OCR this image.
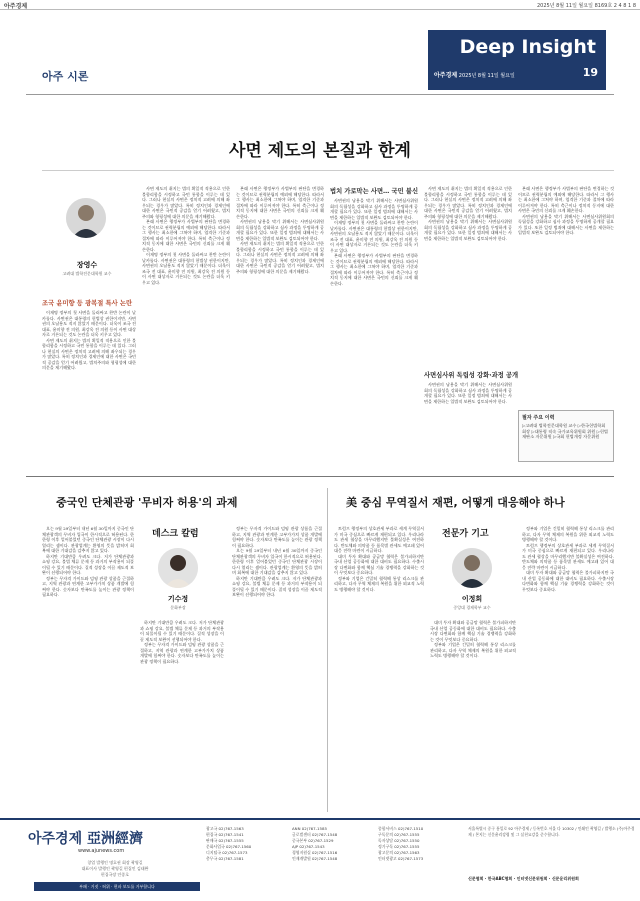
아주경제	2025년 8월 11일 월요일 8169호 2 4 8 1 8
아주 시론
Deep Insight
아주경제 2025년 8월 11일 월요일	19
사면 제도의 본질과 한계
장영수
고려대 법학전문대학원 교수
조국 윤미향 등 광복절 특사 논란

이재명 정부의 첫 사면을 둘러싸고 찬반 논란이 날카롭다. 사면권은 대통령의 헌법상 권한이지만, 사면권의 오남용도 적지 않았기 때문이다. 더욱이 조국 전 대표, 윤미향 전 의원, 최강욱 전 의원 등이 사면 대상자로 거론되는 것도 논란을 더욱 키우고 있다.

사면 제도의 취지는 법의 획일적 적용으로 인한 불합리함을 시정하고 국민 통합을 이루는 데 있다. 그러나 현실의 사면은 정치적 고려에 의해 좌우되는 경우가 많았다. 특히 정치인과 경제인에 대한 사면은 국민적 공감을 얻기 어려웠고, 법치주의와 형평성에 대한 의문을 제기해왔다.

사면 제도의 취지는 법의 획일적 적용으로 인한 불합리함을 시정하고 국민 통합을 이루는 데 있다. 그러나 현실의 사면은 정치적 고려에 의해 좌우되는 경우가 많았다. 특히 정치인과 경제인에 대한 사면은 국민적 공감을 얻기 어려웠고, 법치주의와 형평성에 대한 의문을 제기해왔다.

본래 사면은 행정부가 사법부의 판단을 변경하는 것이므로 권력분립의 예외에 해당한다. 따라서 그 행사는 최소한에 그쳐야 하며, 엄격한 기준과 절차에 따라 이루어져야 한다. 특히 측근이나 정치적 동지에 대한 사면은 국민의 신뢰를 크게 훼손한다.

이재명 정부의 첫 사면을 둘러싸고 찬반 논란이 날카롭다. 사면권은 대통령의 헌법상 권한이지만, 사면권의 오남용도 적지 않았기 때문이다. 더욱이 조국 전 대표, 윤미향 전 의원, 최강욱 전 의원 등이 사면 대상자로 거론되는 것도 논란을 더욱 키우고 있다.

본래 사면은 행정부가 사법부의 판단을 변경하는 것이므로 권력분립의 예외에 해당한다. 따라서 그 행사는 최소한에 그쳐야 하며, 엄격한 기준과 절차에 따라 이루어져야 한다. 특히 측근이나 정치적 동지에 대한 사면은 국민의 신뢰를 크게 훼손한다.

사면권의 남용을 막기 위해서는 사면심사위원회의 독립성을 강화하고 심사 과정을 투명하게 공개할 필요가 있다. 또한 일정 범죄에 대해서는 사면을 제한하는 입법적 보완도 검토되어야 한다.

사면 제도의 취지는 법의 획일적 적용으로 인한 불합리함을 시정하고 국민 통합을 이루는 데 있다. 그러나 현실의 사면은 정치적 고려에 의해 좌우되는 경우가 많았다. 특히 정치인과 경제인에 대한 사면은 국민적 공감을 얻기 어려웠고, 법치주의와 형평성에 대한 의문을 제기해왔다.

법치 가로막는 사면… 국민 불신

사면권의 남용을 막기 위해서는 사면심사위원회의 독립성을 강화하고 심사 과정을 투명하게 공개할 필요가 있다. 또한 일정 범죄에 대해서는 사면을 제한하는 입법적 보완도 검토되어야 한다.

이재명 정부의 첫 사면을 둘러싸고 찬반 논란이 날카롭다. 사면권은 대통령의 헌법상 권한이지만, 사면권의 오남용도 적지 않았기 때문이다. 더욱이 조국 전 대표, 윤미향 전 의원, 최강욱 전 의원 등이 사면 대상자로 거론되는 것도 논란을 더욱 키우고 있다.

본래 사면은 행정부가 사법부의 판단을 변경하는 것이므로 권력분립의 예외에 해당한다. 따라서 그 행사는 최소한에 그쳐야 하며, 엄격한 기준과 절차에 따라 이루어져야 한다. 특히 측근이나 정치적 동지에 대한 사면은 국민의 신뢰를 크게 훼손한다.

사면 제도의 취지는 법의 획일적 적용으로 인한 불합리함을 시정하고 국민 통합을 이루는 데 있다. 그러나 현실의 사면은 정치적 고려에 의해 좌우되는 경우가 많았다. 특히 정치인과 경제인에 대한 사면은 국민적 공감을 얻기 어려웠고, 법치주의와 형평성에 대한 의문을 제기해왔다.

사면권의 남용을 막기 위해서는 사면심사위원회의 독립성을 강화하고 심사 과정을 투명하게 공개할 필요가 있다. 또한 일정 범죄에 대해서는 사면을 제한하는 입법적 보완도 검토되어야 한다.

사면심사위 독립성 강화·과정 공개

사면권의 남용을 막기 위해서는 사면심사위원회의 독립성을 강화하고 심사 과정을 투명하게 공개할 필요가 있다. 또한 일정 범죄에 대해서는 사면을 제한하는 입법적 보완도 검토되어야 한다.

본래 사면은 행정부가 사법부의 판단을 변경하는 것이므로 권력분립의 예외에 해당한다. 따라서 그 행사는 최소한에 그쳐야 하며, 엄격한 기준과 절차에 따라 이루어져야 한다. 특히 측근이나 정치적 동지에 대한 사면은 국민의 신뢰를 크게 훼손한다.

사면권의 남용을 막기 위해서는 사면심사위원회의 독립성을 강화하고 심사 과정을 투명하게 공개할 필요가 있다. 또한 일정 범죄에 대해서는 사면을 제한하는 입법적 보완도 검토되어야 한다.

필자 주요 이력
▷고려대 법학전문대학원 교수 ▷한국헌법학회 회장 ▷대통령 직속 국가교육위원회 위원 ▷헌법재판소 자문위원 ▷국회 헌법개정 자문위원
중국인 단체관광 '무비자 허용'의 과제

오는 9월 29일부터 내년 6월 30일까지 중국인 단체관광객의 무비자 입국이 한시적으로 허용된다. 한한령 이후 얼어붙었던 중국인 단체관광 시장이 다시 열리는 셈이다. 관광업계는 환영의 뜻을 밝히며 회복에 대한 기대감을 감추지 않고 있다.

하지만 기대만큼 우려도 크다. 저가 단체관광과 쇼핑 강요, 불법 체류 문제 등 과거의 부작용이 되풀이될 수 있기 때문이다. 질적 성장을 이끌 제도적 보완이 선행되어야 한다.

정부는 무자격 가이드와 덤핑 관광 상품을 근절하고, 지역 관광과 연계한 고부가가치 상품 개발에 힘써야 한다. 숫자보다 만족도를 높이는 관광 정책이 필요하다.

데스크 칼럼
기수정
문화부장

하지만 기대만큼 우려도 크다. 저가 단체관광과 쇼핑 강요, 불법 체류 문제 등 과거의 부작용이 되풀이될 수 있기 때문이다. 질적 성장을 이끌 제도적 보완이 선행되어야 한다.

정부는 무자격 가이드와 덤핑 관광 상품을 근절하고, 지역 관광과 연계한 고부가가치 상품 개발에 힘써야 한다. 숫자보다 만족도를 높이는 관광 정책이 필요하다.

정부는 무자격 가이드와 덤핑 관광 상품을 근절하고, 지역 관광과 연계한 고부가가치 상품 개발에 힘써야 한다. 숫자보다 만족도를 높이는 관광 정책이 필요하다.

오는 9월 29일부터 내년 6월 30일까지 중국인 단체관광객의 무비자 입국이 한시적으로 허용된다. 한한령 이후 얼어붙었던 중국인 단체관광 시장이 다시 열리는 셈이다. 관광업계는 환영의 뜻을 밝히며 회복에 대한 기대감을 감추지 않고 있다.

하지만 기대만큼 우려도 크다. 저가 단체관광과 쇼핑 강요, 불법 체류 문제 등 과거의 부작용이 되풀이될 수 있기 때문이다. 질적 성장을 이끌 제도적 보완이 선행되어야 한다.

美 중심 무역질서 재편, 어떻게 대응해야 하나

트럼프 행정부의 상호관세 부과로 세계 무역질서가 미국 중심으로 빠르게 재편되고 있다. 우리나라도 관세 협상을 마무리했지만 불확실성은 여전하다. 반도체와 의약품 등 품목별 관세도 예고돼 있어 대응 전략 마련이 시급하다.

대미 투자 확대와 공급망 협력은 불가피하지만 국내 산업 공동화에 대한 대비도 필요하다. 수출시장 다변화와 함께 핵심 기술 경쟁력을 강화하는 것이 무엇보다 중요하다.

정부와 기업은 긴밀히 협력해 통상 리스크를 관리하고, 다자 무역 체제의 복원을 위한 외교적 노력도 병행해야 할 것이다.

전문가 기고
이정희
중앙대 경제학부 교수

대미 투자 확대와 공급망 협력은 불가피하지만 국내 산업 공동화에 대한 대비도 필요하다. 수출시장 다변화와 함께 핵심 기술 경쟁력을 강화하는 것이 무엇보다 중요하다.

정부와 기업은 긴밀히 협력해 통상 리스크를 관리하고, 다자 무역 체제의 복원을 위한 외교적 노력도 병행해야 할 것이다.

정부와 기업은 긴밀히 협력해 통상 리스크를 관리하고, 다자 무역 체제의 복원을 위한 외교적 노력도 병행해야 할 것이다.

트럼프 행정부의 상호관세 부과로 세계 무역질서가 미국 중심으로 빠르게 재편되고 있다. 우리나라도 관세 협상을 마무리했지만 불확실성은 여전하다. 반도체와 의약품 등 품목별 관세도 예고돼 있어 대응 전략 마련이 시급하다.

대미 투자 확대와 공급망 협력은 불가피하지만 국내 산업 공동화에 대한 대비도 필요하다. 수출시장 다변화와 함께 핵심 기술 경쟁력을 강화하는 것이 무엇보다 중요하다.

아주경제 亞洲經濟
www.ajunews.com
창업 발행인 명호권 회장 곽영길
대표이사 발행인 곽영길 편집인 김태완
편집국장 안종호
부패 · 거짓 · 허위 · 편파 보도를 거부합니다
광고국 02)767-1563
편집국 02)767-1541
판매국 02)767-1555
문화사업국 02)767-1560
디지털국 02)767-1573
총무국 02)767-1581
ANN 02)767-1585
글로벌센터 02)767-1548
중국본부 02)767-1529
AJP 02)767-1543
경영지원실 02)767-1516
인재개발원 02)767-1548
종합서비스 02)767-1510
구독문의 02)767-1555
독자상담 02)767-1550
정기구독 02)767-1555
광고문의 02)767-1563
인터넷광고 02)767-1573
서울특별시 중구 통일로 92 아주경제 / 등록번호 서울 다 10302 / 인쇄인 곽영길 / 발행소 (주)아주경제 / 본지는 신문윤리강령 및 그 실천요강을 준수합니다.
신문협회 · 한국ABC협회 · 인터넷신문위원회 · 신문윤리위원회
